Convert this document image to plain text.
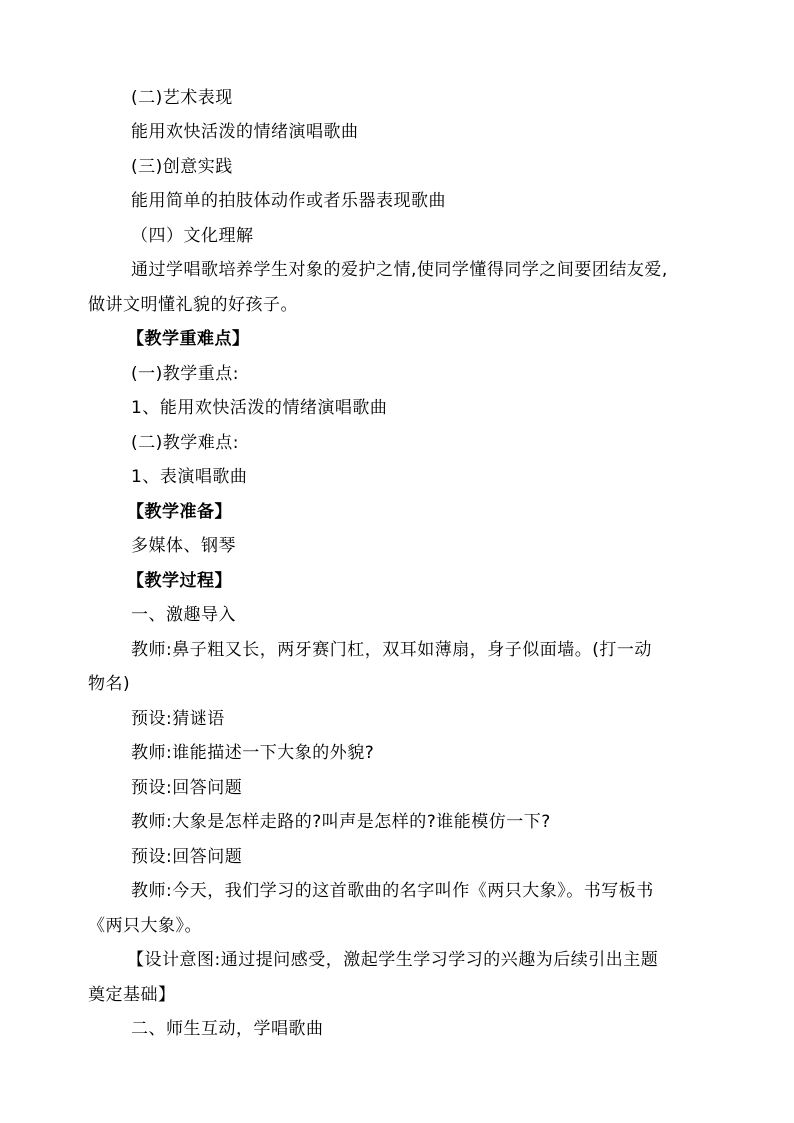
(二)艺术表现
能用欢快活泼的情绪演唱歌曲
(三)创意实践
能用简单的拍肢体动作或者乐器表现歌曲
（四）文化理解
通过学唱歌培养学生对象的爱护之情,使同学懂得同学之间要团结友爱,
做讲文明懂礼貌的好孩子。
【教学重难点】
(一)教学重点:
1、能用欢快活泼的情绪演唱歌曲
(二)教学难点:
1、表演唱歌曲
【教学准备】
多媒体、钢琴
【教学过程】
一、激趣导入
教师:鼻子粗又长，两牙赛门杠，双耳如薄扇，身子似面墙。(打一动
物名)
预设:猜谜语
教师:谁能描述一下大象的外貌?
预设:回答问题
教师:大象是怎样走路的?叫声是怎样的?谁能模仿一下?
预设:回答问题
教师:今天，我们学习的这首歌曲的名字叫作《两只大象》。书写板书
《两只大象》。
【设计意图:通过提问感受，激起学生学习学习的兴趣为后续引出主题
奠定基础】
二、师生互动，学唱歌曲
